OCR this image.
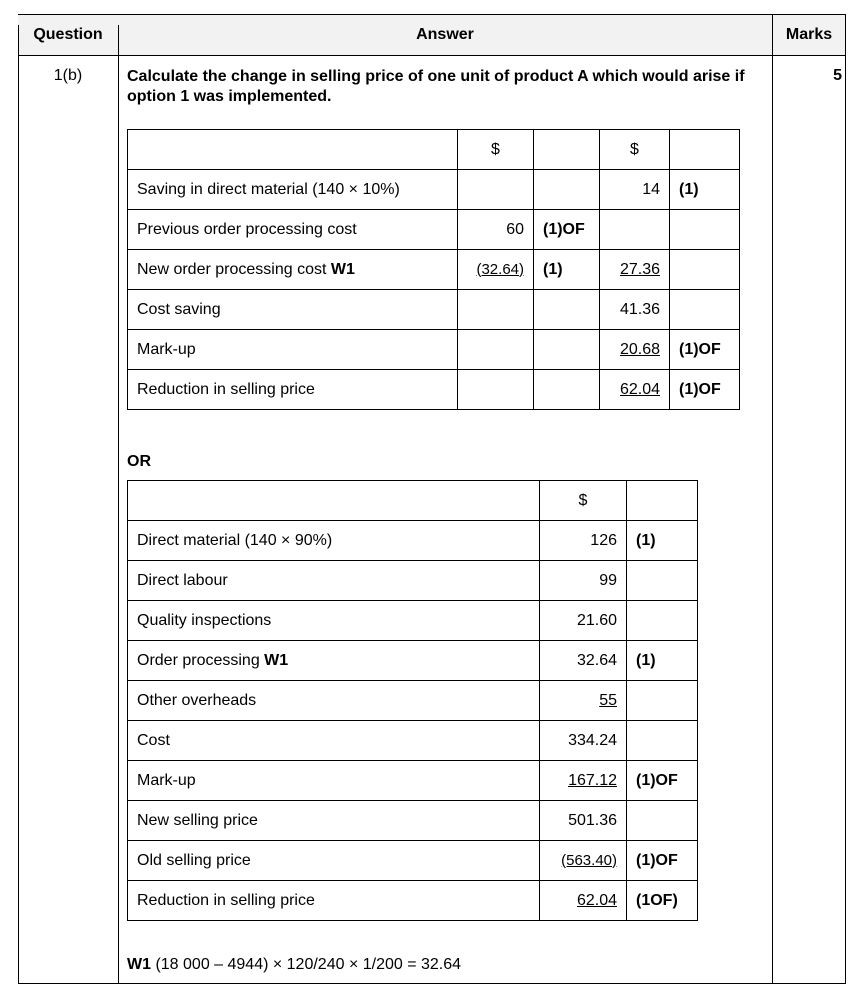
Question	Answer	Marks
1(b)	Calculate the change in selling price of one unit of product A which would arise if option 1 was implemented.
5
	$		$	
Saving in direct material (140 × 10%)			14	(1)
Previous order processing cost	60	(1)OF		
New order processing cost W1	(32.64)	(1)	27.36	
Cost saving			41.36	
Mark-up			20.68	(1)OF
Reduction in selling price			62.04	(1)OF
OR
	$	
Direct material (140 × 90%)	126	(1)
Direct labour	99	
Quality inspections	21.60	
Order processing W1	32.64	(1)
Other overheads	55	
Cost	334.24	
Mark-up	167.12	(1)OF
New selling price	501.36	
Old selling price	(563.40)	(1)OF
Reduction in selling price	62.04	(1OF)
W1 (18 000 – 4944) × 120/240 × 1/200 = 32.64
